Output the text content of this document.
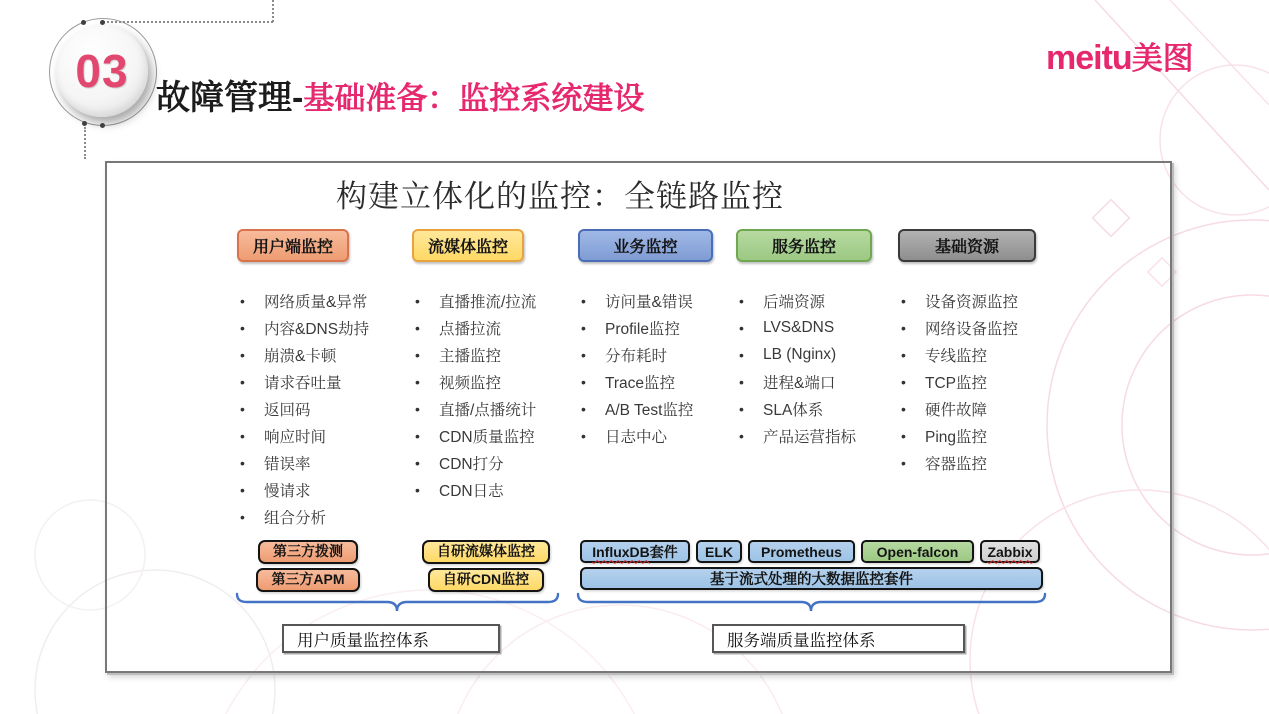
03
故障管理- 基础准备：监控系统建设
meitu 美图
构建立体化的监控：全链路监控
用户端监控
•	网络质量&异常
•	内容&DNS劫持
•	崩溃&卡顿
•	请求吞吐量
•	返回码
•	响应时间
•	错误率
•	慢请求
•	组合分析
第三方拨测第三方APM
流媒体监控
•	直播推流/拉流
•	点播拉流
•	主播监控
•	视频监控
•	直播/点播统计
•	CDN质量监控
•	CDN打分
•	CDN日志
自研流媒体监控自研CDN监控
业务监控
•	访问量&错误
•	Profile监控
•	分布耗时
•	Trace监控
•	A/B Test监控
•	日志中心
服务监控
•	后端资源
•	LVS&DNS
•	LB (Nginx)
•	进程&端口
•	SLA体系
•	产品运营指标
基础资源
•	设备资源监控
•	网络设备监控
•	专线监控
•	TCP监控
•	硬件故障
•	Ping监控
•	容器监控
InfluxDB 套件	ELK	Prometheus	Open-falcon	Zabbix
基于流式处理的大数据监控套件
用户质量监控体系	服务端质量监控体系
